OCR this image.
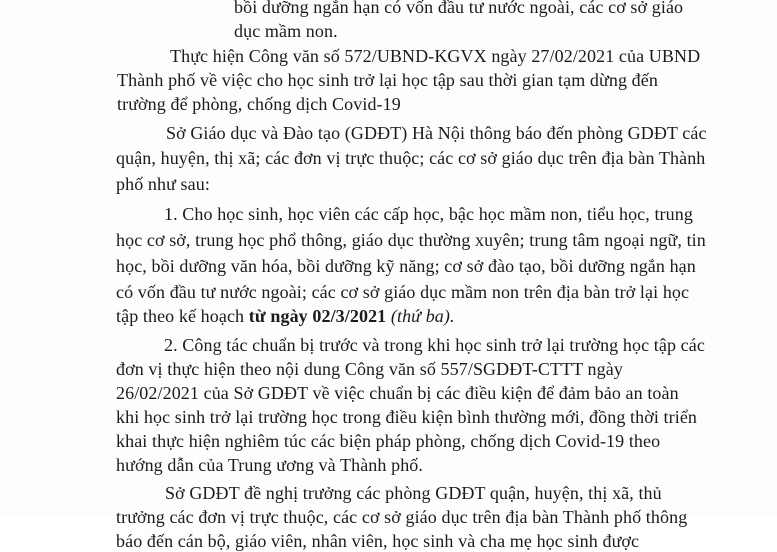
bồi dưỡng ngắn hạn có vốn đầu tư nước ngoài, các cơ sở giáo
dục mầm non.
Thực hiện Công văn số 572/UBND-KGVX ngày 27/02/2021 của UBND
Thành phố về việc cho học sinh trở lại học tập sau thời gian tạm dừng đến
trường để phòng, chống dịch Covid-19
Sở Giáo dục và Đào tạo (GDĐT) Hà Nội thông báo đến phòng GDĐT các
quận, huyện, thị xã; các đơn vị trực thuộc; các cơ sở giáo dục trên địa bàn Thành
phố như sau:
1. Cho học sinh, học viên các cấp học, bậc học mầm non, tiểu học, trung
học cơ sở, trung học phổ thông, giáo dục thường xuyên; trung tâm ngoại ngữ, tin
học, bồi dưỡng văn hóa, bồi dưỡng kỹ năng; cơ sở đào tạo, bồi dưỡng ngắn hạn
có vốn đầu tư nước ngoài; các cơ sở giáo dục mầm non trên địa bàn trở lại học
tập theo kế hoạch từ ngày 02/3/2021 (thứ ba).
2. Công tác chuẩn bị trước và trong khi học sinh trở lại trường học tập các
đơn vị thực hiện theo nội dung Công văn số 557/SGDĐT-CTTT ngày
26/02/2021 của Sở GDĐT về việc chuẩn bị các điều kiện để đảm bảo an toàn
khi học sinh trở lại trường học trong điều kiện bình thường mới, đồng thời triển
khai thực hiện nghiêm túc các biện pháp phòng, chống dịch Covid-19 theo
hướng dẫn của Trung ương và Thành phố.
Sở GDĐT đề nghị trưởng các phòng GDĐT quận, huyện, thị xã, thủ
trưởng các đơn vị trực thuộc, các cơ sở giáo dục trên địa bàn Thành phố thông
báo đến cán bộ, giáo viên, nhân viên, học sinh và cha mẹ học sinh được
